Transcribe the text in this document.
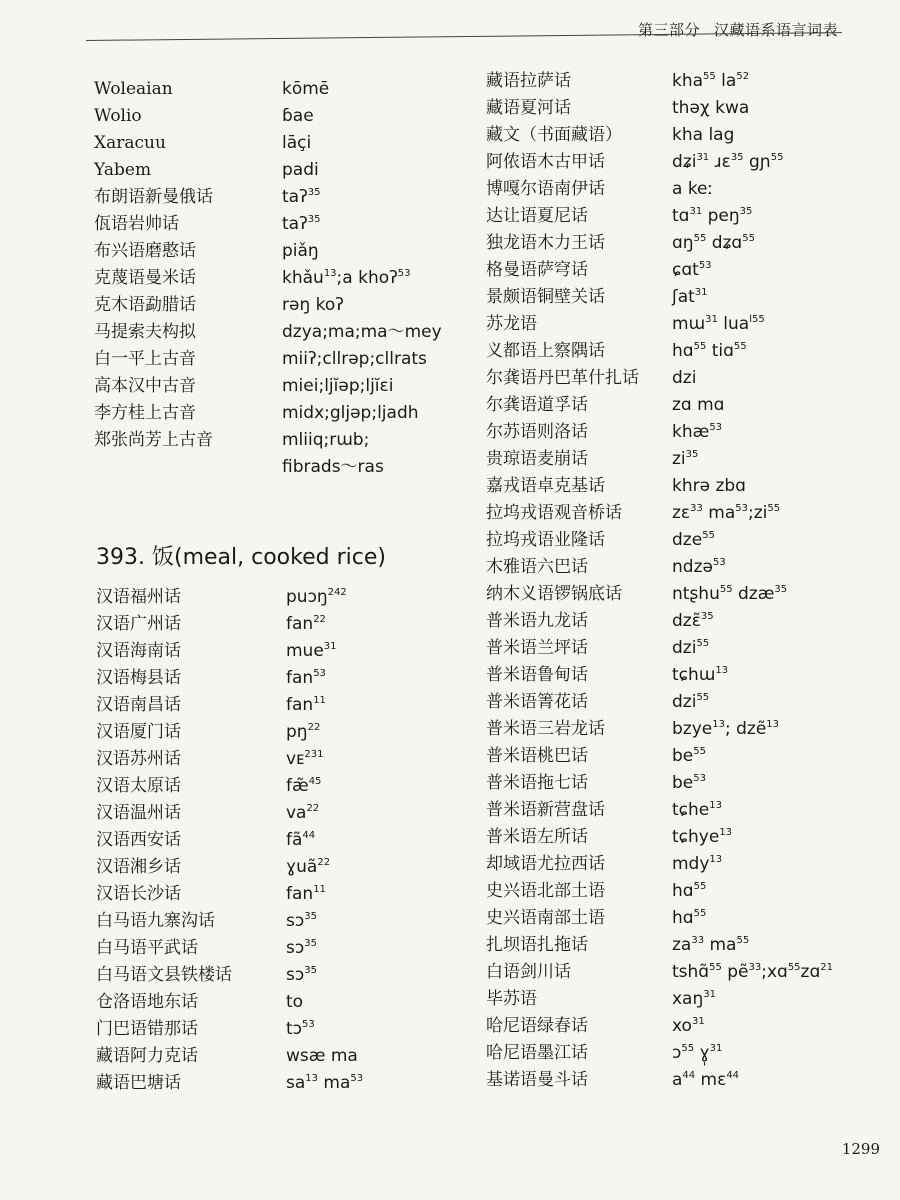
第三部分 汉藏语系语言词表
Woleaian	kōmē
Wolio	ɓae
Xaracuu	lāçi
Yabem	padi
布朗语新曼俄话	taʔ$^{35}$
佤语岩帅话	taʔ$^{35}$
布兴语磨憨话	piǎŋ
克蔑语曼米话	khǎu$^{13}$;a khoʔ$^{53}$
克木语勐腊话	rəŋ koʔ
马提索夫构拟	dzya;ma;ma～mey
白一平上古音	miiʔ;cllrəp;cllrats
高本汉中古音	miei;ljĭəp;ljĭɛi
李方桂上古音	midx;gljəp;ljadh
郑张尚芳上古音	mliiq;rɯb;
fibrads～ras
393. 饭(meal, cooked rice)
汉语福州话	puɔŋ$^{242}$
汉语广州话	fan$^{22}$
汉语海南话	mue$^{31}$
汉语梅县话	fan$^{53}$
汉语南昌话	fan$^{11}$
汉语厦门话	$pŋ^{22}$
汉语苏州话	vᴇ$^{231}$
汉语太原话	fæ̃$^{45}$
汉语温州话	$va^{22}$
汉语西安话	$fã^{44}$
汉语湘乡话	ɣuã$^{22}$
汉语长沙话	fan$^{11}$
白马语九寨沟话	sɔ$^{35}$
白马语平武话	sɔ$^{35}$
白马语文县铁楼话	sɔ$^{35}$
仓洛语地东话	to
门巴语错那话	tɔ$^{53}$
藏语阿力克话	wsæ ma
藏语巴塘话	$sa^{13}$ $ma^{53}$
藏语拉萨话	kha$^{55}$ $la^{52}$
藏语夏河话	thəχ kwa
藏文（书面藏语）	kha lag
阿侬语木古甲话	dʑi$^{31}$ ɹɛ$^{35}$ gɲ$^{55}$
博嘎尔语南伊话	a keː
达让语夏尼话	tɑ$^{31}$ peŋ$^{35}$
独龙语木力王话	ɑŋ$^{55}$ dʑɑ$^{55}$
格曼语萨穹话	ɕɑt$^{53}$
景颇语铜壁关话	ʃat$^{31}$
苏龙语	mɯ$^{31}$ lua$^{l55}$
义都语上察隅话	hɑ$^{55}$ tiɑ$^{55}$
尔龚语丹巴革什扎话 dzi
尔龚语道孚话	zɑ mɑ
尔苏语则洛话	khæ$^{53}$
贵琼语麦崩话	$zi^{35}$
嘉戎语卓克基话	khrə zbɑ
拉坞戎语观音桥话	zɛ$^{33}$ $ma^{53};zi^{55}$
拉坞戎语业隆话	dze$^{55}$
木雅语六巴话	ndzə$^{53}$
纳木义语锣锅底话	ntʂhu$^{55}$ dzæ$^{35}$
普米语九龙话	dzɛ̃$^{35}$
普米语兰坪话	dzi$^{55}$
普米语鲁甸话	tɕhɯ$^{13}$
普米语箐花话	dzi$^{55}$
普米语三岩龙话	bzye$^{13}$; dzẽ$^{13}$
普米语桃巴话	$be^{55}$
普米语拖七话	$be^{53}$
普米语新营盘话	tɕhe$^{13}$
普米语左所话	tɕhye$^{13}$
却域语尤拉西话	mdy$^{13}$
史兴语北部土语	hɑ$^{55}$
史兴语南部土语	hɑ$^{55}$
扎坝语扎拖话	$za^{33}$ $ma^{55}$
白语剑川话	tshɑ̃$^{55}$ pẽ$^{33}$;xɑ$^{55}$zɑ$^{21}$
毕苏语	xaŋ$^{31}$
哈尼语绿春话	$xo^{31}$
哈尼语墨江话	ɔ$^{55}$ ɣ̩$^{31}$
基诺语曼斗话	$a^{44}$ mɛ$^{44}$
1299
